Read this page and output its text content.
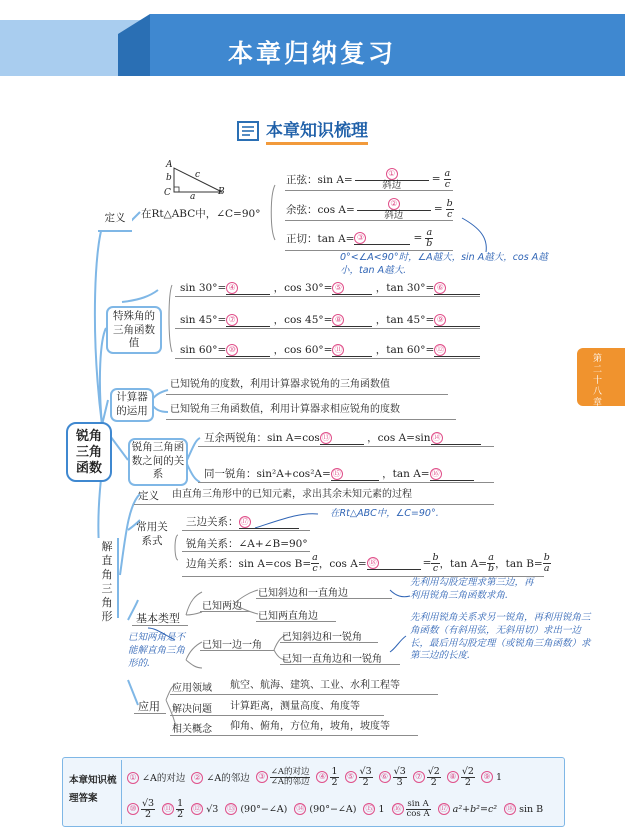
本章归纳复习
本章知识梳理
第二十八章
锐角三角函数
定义
A
B
C a
b	c
在Rt△ABC中，∠C=90°
正弦：$\sin A= \frac{\text{①}}{\text{斜边}} = \frac{a}{c}$
余弦：$\cos A= \frac{\text{②}}{\text{斜边}} = \frac{b}{c}$
正切：tan A= ③	= $\frac{a}{b}$
0°<∠A<90°时，∠A越大，sin A越大，cos A越小，tan A越大.
特殊角的三角函数值
sin 30°= ④	，cos 30°= ⑤	，tan 30°= ⑥
sin 45°= ⑦	，cos 45°= ⑧	，tan 45°= ⑨
sin 60°= ⑩	，cos 60°= ⑪	，tan 60°= ⑫
计算器的运用
已知锐角的度数，利用计算器求锐角的三角函数值
已知锐角三角函数值，利用计算器求相应锐角的度数
锐角三角函数之间的关系
互余两锐角：sin A=cos ⑬	，cos A=sin ⑭
同一锐角：sin²A+cos²A= ⑮	，tan A= ⑯
解直角三角形
定义 由直角三角形中的已知元素，求出其余未知元素的过程
常用关系式
三边关系： ⑰
在Rt△ABC中，∠C=90°.
锐角关系：∠A+∠B=90°
边角关系：sin A=cos $B= \frac{a}{c}$ ，cos A= ⑱	= $\frac{b}{c}$ ，$\tan A= \frac{a}{b}$ ，$\tan B= \frac{b}{a}$
基本类型
已知两边
已知斜边和一直角边
已知两直角边
已知一边一角
已知斜边和一锐角
已知一直角边和一锐角
先利用勾股定理求第三边，再利用锐角三角函数求角.
先利用锐角关系求另一锐角，再利用锐角三角函数（有斜用弦，无斜用切）求出一边长，最后用勾股定理（或锐角三角函数）求第三边的长度.
已知两角是不能解直角三角形的.
应用
应用领域 航空、航海、建筑、工业、水利工程等
解决问题 计算距离，测量高度、角度等
相关概念 仰角、俯角，方位角，坡角，坡度等
本章知识梳理答案
① ∠A的对边	② ∠A的邻边	③ $\frac{\text{∠A的对边}}{\text{∠A的邻边}}$	④ $\frac{1}{2}$	⑤ $\frac{√3}{2}$	⑥ $\frac{√3}{3}$	⑦ $\frac{√2}{2}$	⑧ $\frac{√2}{2}$	⑨ 1
⑩ $\frac{√3}{2}$ ⑪ $\frac{1}{2}$ ⑫ √3 ⑬ (90°−∠A) ⑭ (90°−∠A) ⑮ 1 ⑯ $\frac{\text{sin A}}{\text{cos A}}$ ⑰ a²+b²=c² ⑱ sin B
